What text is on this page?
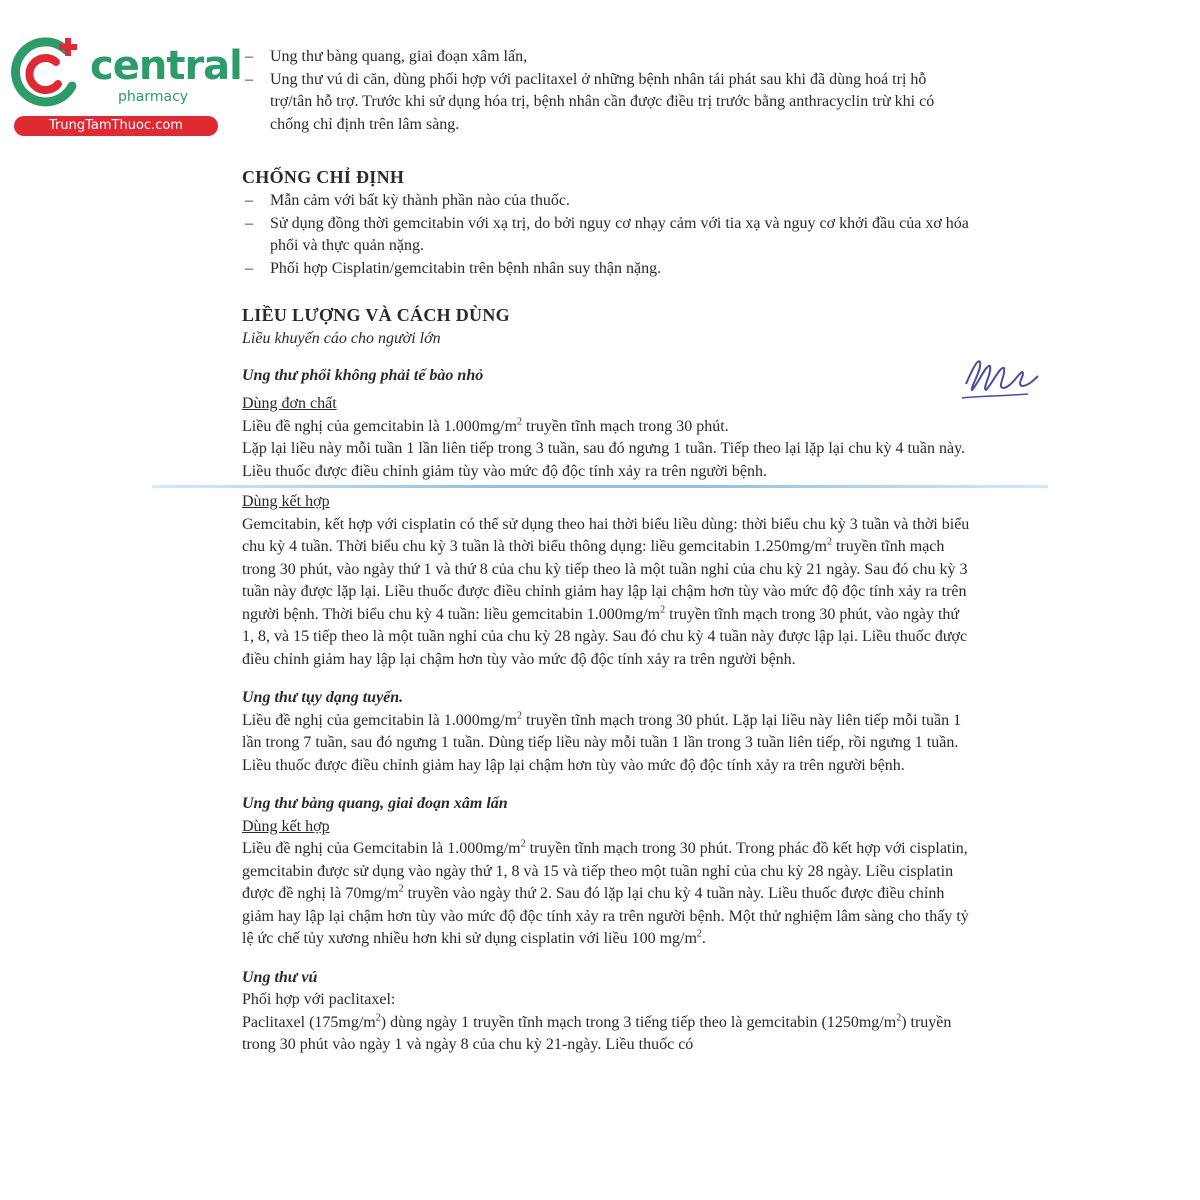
central
pharmacy
TrungTamThuoc.com

– Ung thư bàng quang, giai đoạn xâm lấn,

– Ung thư vú di căn, dùng phối hợp với paclitaxel ở những bệnh nhân tái phát sau khi đã dùng hoá trị hỗ trợ/tân hỗ trợ. Trước khi sử dụng hóa trị, bệnh nhân cần được điều trị trước bằng anthracyclin trừ khi có chống chỉ định trên lâm sàng.

CHỐNG CHỈ ĐỊNH

– Mẫn cảm với bất kỳ thành phần nào của thuốc.

– Sử dụng đồng thời gemcitabin với xạ trị, do bởi nguy cơ nhạy cảm với tia xạ và nguy cơ khởi đầu của xơ hóa phổi và thực quản nặng.

– Phối hợp Cisplatin/gemcitabin trên bệnh nhân suy thận nặng.

LIỀU LƯỢNG VÀ CÁCH DÙNG

Liều khuyến cáo cho người lớn

Ung thư phổi không phải tế bào nhỏ

Dùng đơn chất

Liều đề nghị của gemcitabin là $1.000mg/m^2$ truyền tĩnh mạch trong 30 phút.

Lặp lại liều này mỗi tuần 1 lần liên tiếp trong 3 tuần, sau đó ngưng 1 tuần. Tiếp theo lại lặp lại chu kỳ 4 tuần này. Liều thuốc được điều chỉnh giảm tùy vào mức độ độc tính xảy ra trên người bệnh.

Dùng kết hợp

Gemcitabin, kết hợp với cisplatin có thể sử dụng theo hai thời biểu liều dùng: thời biểu chu kỳ 3 tuần và thời biểu chu kỳ 4 tuần. Thời biểu chu kỳ 3 tuần là thời biểu thông dụng: liều gemcitabin $1.250mg/m^2$ truyền tĩnh mạch trong 30 phút, vào ngày thứ 1 và thứ 8 của chu kỳ tiếp theo là một tuần nghỉ của chu kỳ 21 ngày. Sau đó chu kỳ 3 tuần này được lặp lại. Liều thuốc được điều chỉnh giảm hay lập lại chậm hơn tùy vào mức độ độc tính xảy ra trên người bệnh. Thời biểu chu kỳ 4 tuần: liều gemcitabin $1.000mg/m^2$ truyền tĩnh mạch trong 30 phút, vào ngày thứ 1, 8, và 15 tiếp theo là một tuần nghỉ của chu kỳ 28 ngày. Sau đó chu kỳ 4 tuần này được lập lại. Liều thuốc được điều chỉnh giảm hay lập lại chậm hơn tùy vào mức độ độc tính xảy ra trên người bệnh.

Ung thư tụy dạng tuyến.

Liều đề nghị của gemcitabin là $1.000mg/m^2$ truyền tĩnh mạch trong 30 phút. Lặp lại liều này liên tiếp mỗi tuần 1 lần trong 7 tuần, sau đó ngưng 1 tuần. Dùng tiếp liều này mỗi tuần 1 lần trong 3 tuần liên tiếp, rồi ngưng 1 tuần. Liều thuốc được điều chỉnh giảm hay lập lại chậm hơn tùy vào mức độ độc tính xảy ra trên người bệnh.

Ung thư bàng quang, giai đoạn xâm lấn

Dùng kết hợp

Liều đề nghị của Gemcitabin là $1.000mg/m^2$ truyền tĩnh mạch trong 30 phút. Trong phác đồ kết hợp với cisplatin, gemcitabin được sử dụng vào ngày thứ 1, 8 và 15 và tiếp theo một tuần nghỉ của chu kỳ 28 ngày. Liều cisplatin được đề nghị là $70mg/m^2$ truyền vào ngày thứ 2. Sau đó lặp lại chu kỳ 4 tuần này. Liều thuốc được điều chỉnh giảm hay lập lại chậm hơn tùy vào mức độ độc tính xảy ra trên người bệnh. Một thử nghiệm lâm sàng cho thấy tỷ lệ ức chế tủy xương nhiều hơn khi sử dụng cisplatin với liều 100 $mg/m^2$.

Ung thư vú

Phối hợp với paclitaxel:

Paclitaxel $(175mg/m^2)$ dùng ngày 1 truyền tĩnh mạch trong 3 tiếng tiếp theo là gemcitabin $(1250mg/m^2)$ truyền trong 30 phút vào ngày 1 và ngày 8 của chu kỳ 21-ngày. Liều thuốc có
